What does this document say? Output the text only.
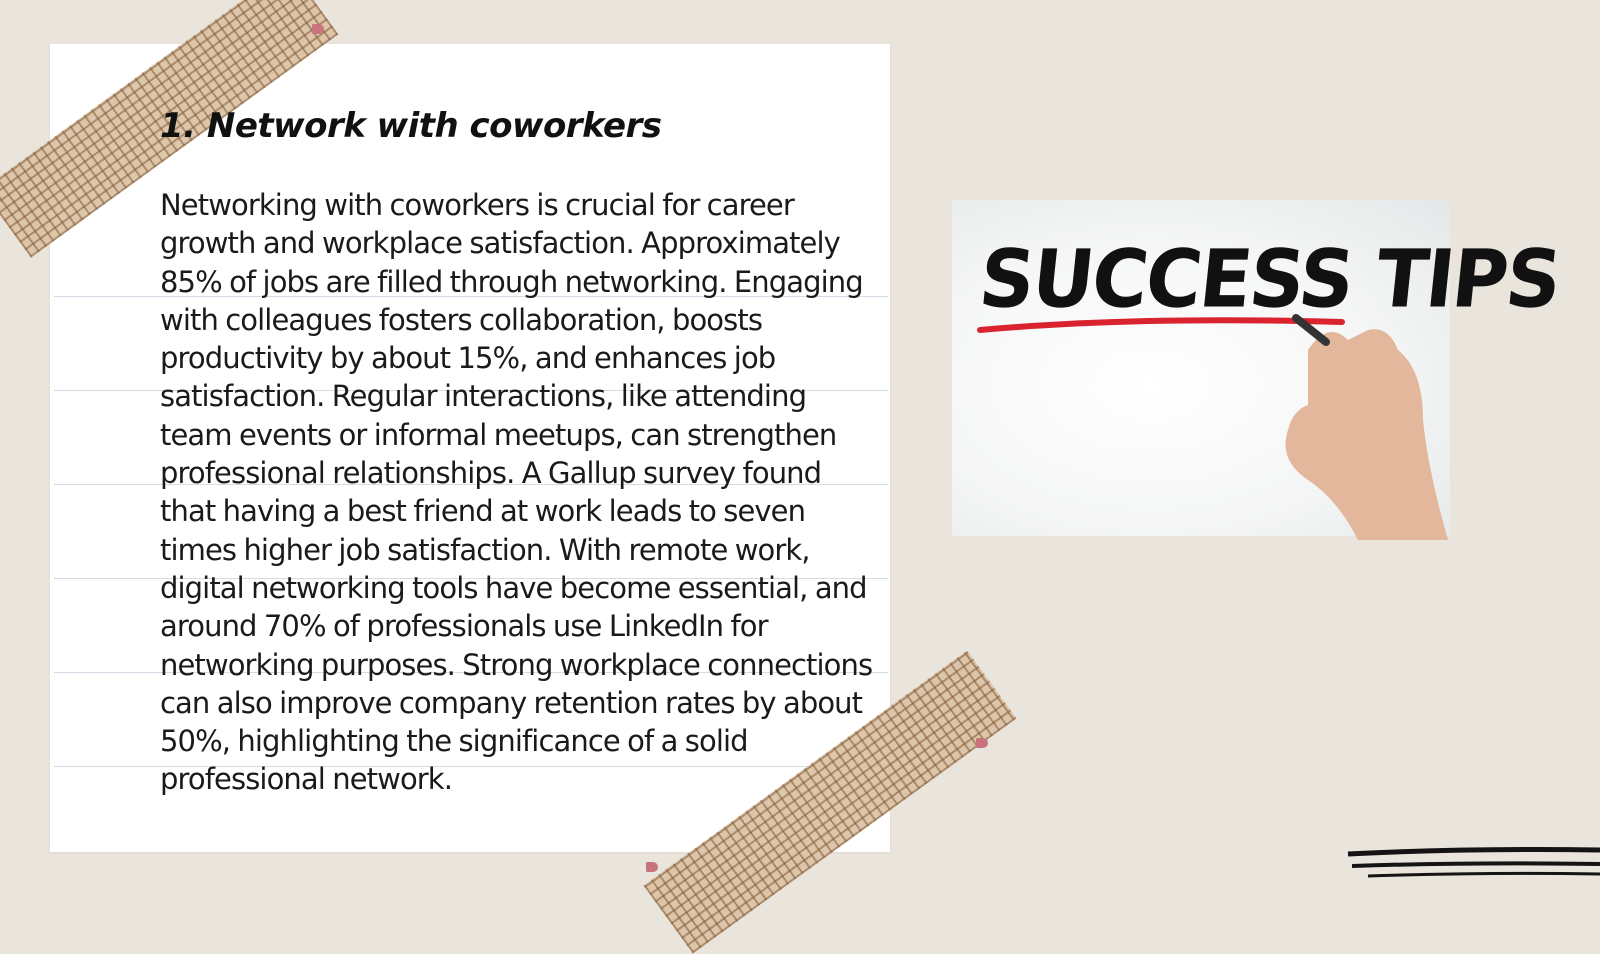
1. Network with coworkers

Networking with coworkers is crucial for career growth and workplace satisfaction. Approximately 85% of jobs are filled through networking. Engaging with colleagues fosters collaboration, boosts productivity by about 15%, and enhances job satisfaction. Regular interactions, like attending team events or informal meetups, can strengthen professional relationships. A Gallup survey found that having a best friend at work leads to seven times higher job satisfaction. With remote work, digital networking tools have become essential, and around 70% of professionals use LinkedIn for networking purposes. Strong workplace connections can also improve company retention rates by about 50%, highlighting the significance of a solid professional network.

SUCCESS TIPS
